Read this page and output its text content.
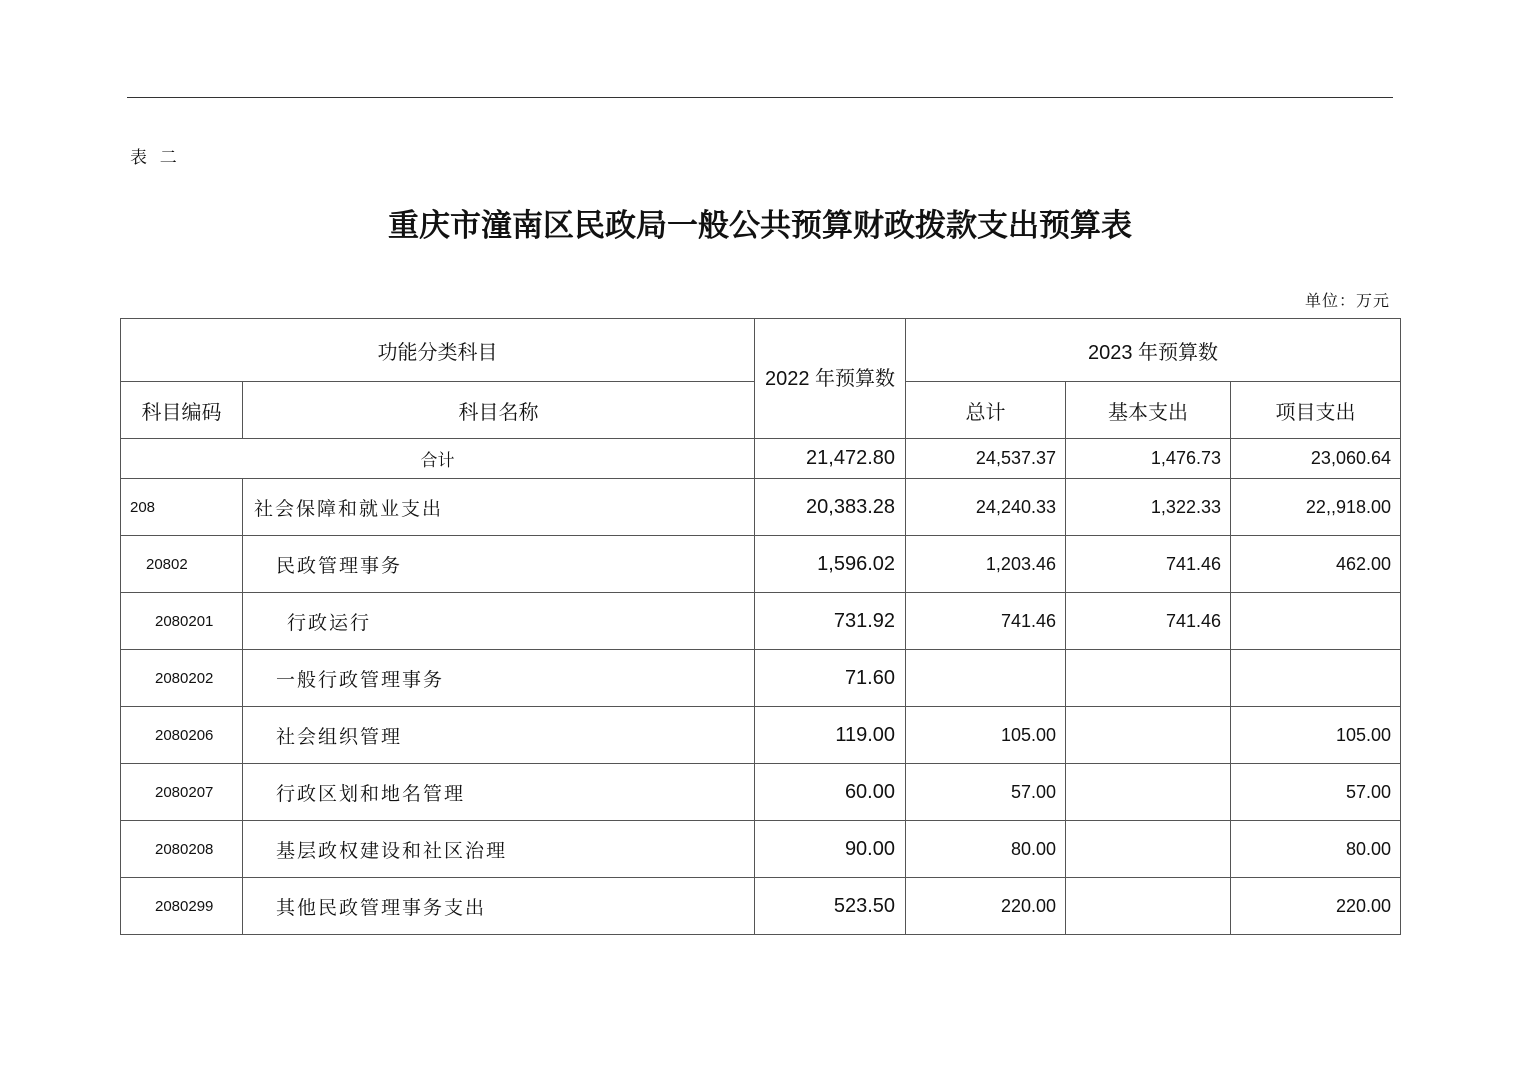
表 二
重庆市潼南区民政局一般公共预算财政拨款支出预算表
单位：万元
功能分类科目		2022 年预算数	2023 年预算数		
科目编码	科目名称		总计	基本支出	项目支出
合计		21,472.80	24,537.37	1,476.73	23,060.64
208	社会保障和就业支出	20,383.28	24,240.33	1,322.33	22,,918.00
20802	民政管理事务	1,596.02	1,203.46	741.46	462.00
2080201	行政运行	731.92	741.46	741.46	
2080202	一般行政管理事务	71.60			
2080206	社会组织管理	119.00	105.00		105.00
2080207	行政区划和地名管理	60.00	57.00		57.00
2080208	基层政权建设和社区治理	90.00	80.00		80.00
2080299	其他民政管理事务支出	523.50	220.00		220.00
